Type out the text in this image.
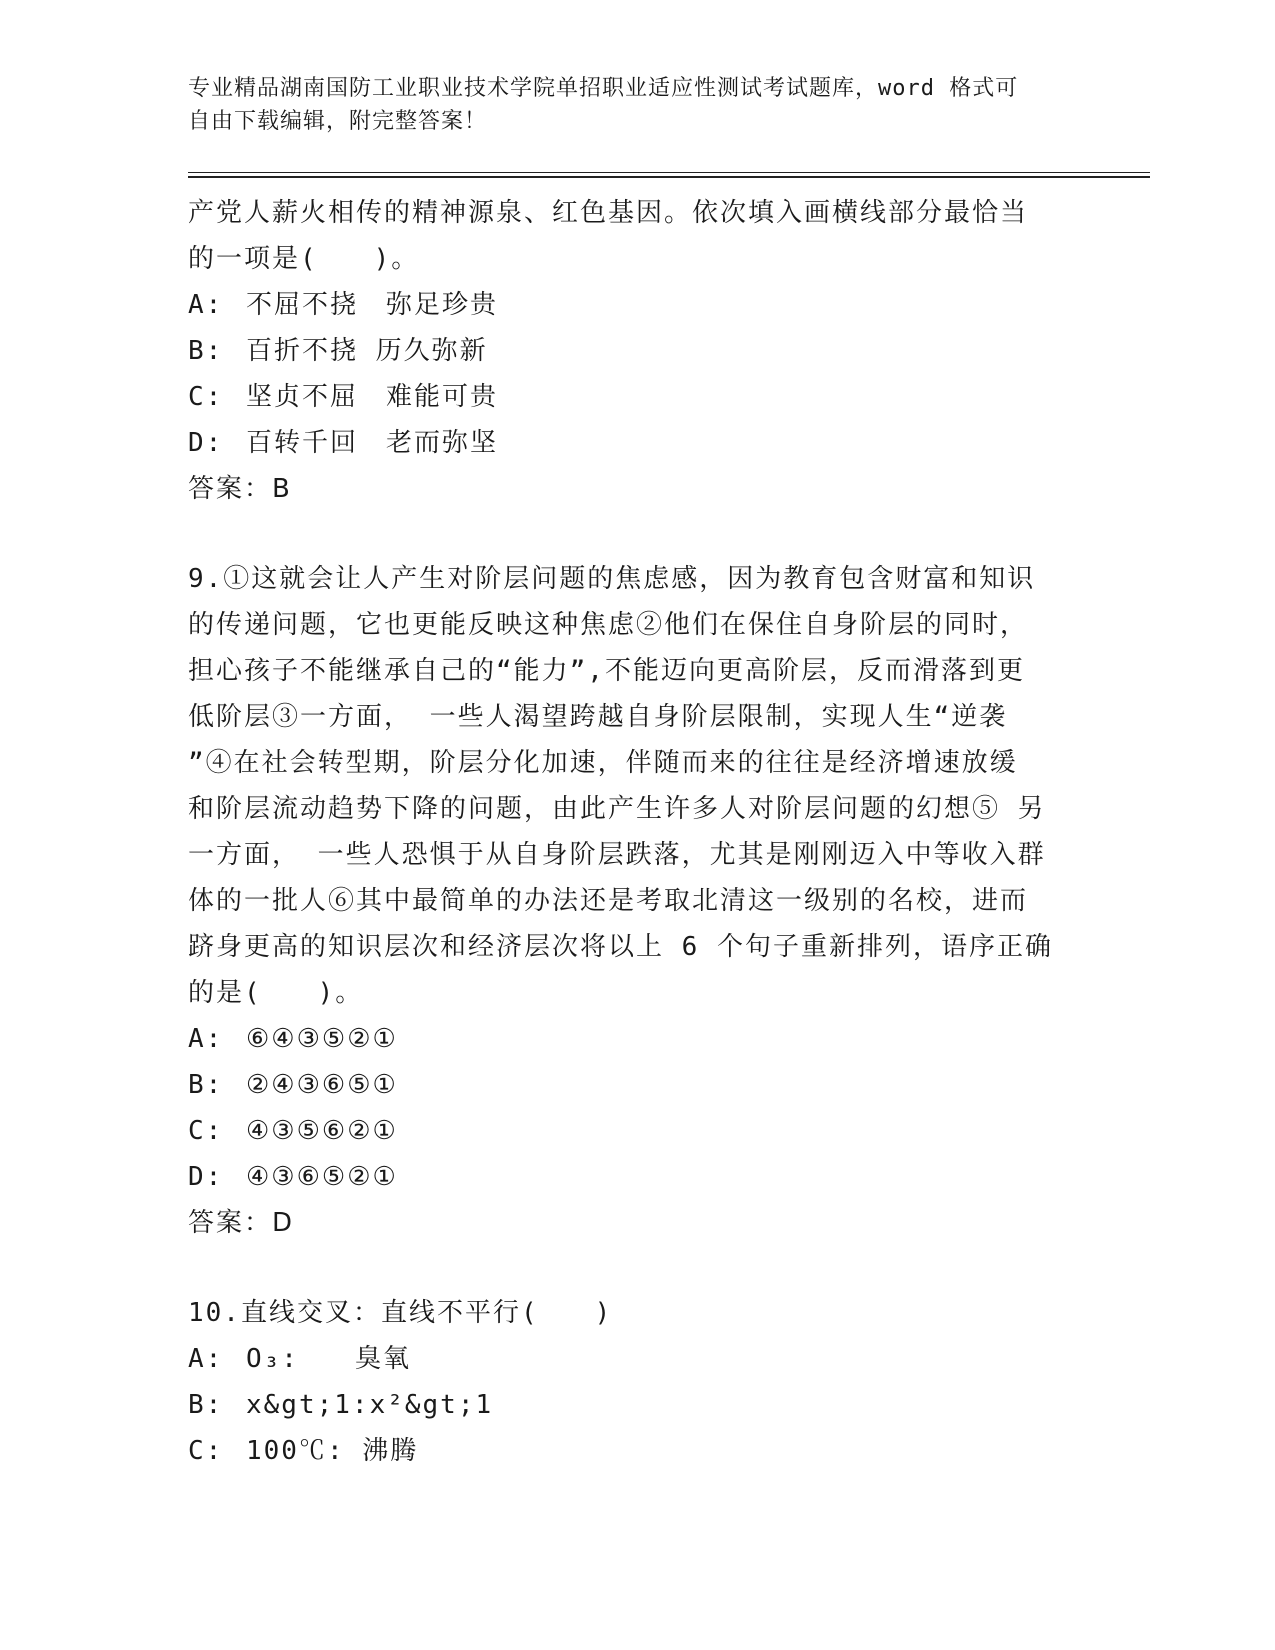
专业精品湖南国防工业职业技术学院单招职业适应性测试考试题库，word 格式可
自由下载编辑，附完整答案！
产党人薪火相传的精神源泉、红色基因。依次填入画横线部分最恰当
的一项是(　　)。
A: 不屈不挠　弥足珍贵
B: 百折不挠 历久弥新
C: 坚贞不屈　难能可贵
D: 百转千回　老而弥坚
答案：B
9.①这就会让人产生对阶层问题的焦虑感，因为教育包含财富和知识
的传递问题，它也更能反映这种焦虑②他们在保住自身阶层的同时，
担心孩子不能继承自己的“能力”,不能迈向更高阶层，反而滑落到更
低阶层③一方面， 一些人渴望跨越自身阶层限制，实现人生“逆袭
”④在社会转型期，阶层分化加速，伴随而来的往往是经济增速放缓
和阶层流动趋势下降的问题，由此产生许多人对阶层问题的幻想⑤ 另
一方面， 一些人恐惧于从自身阶层跌落，尤其是刚刚迈入中等收入群
体的一批人⑥其中最简单的办法还是考取北清这一级别的名校，进而
跻身更高的知识层次和经济层次将以上 6 个句子重新排列，语序正确
的是(　　)。
A: ⑥④③⑤②①
B: ②④③⑥⑤①
C: ④③⑤⑥②①
D: ④③⑥⑤②①
答案：D
10.直线交叉：直线不平行(　　)
A: O₃:　　臭氧
B: x&gt;1:x²&gt;1
C: 100℃: 沸腾
